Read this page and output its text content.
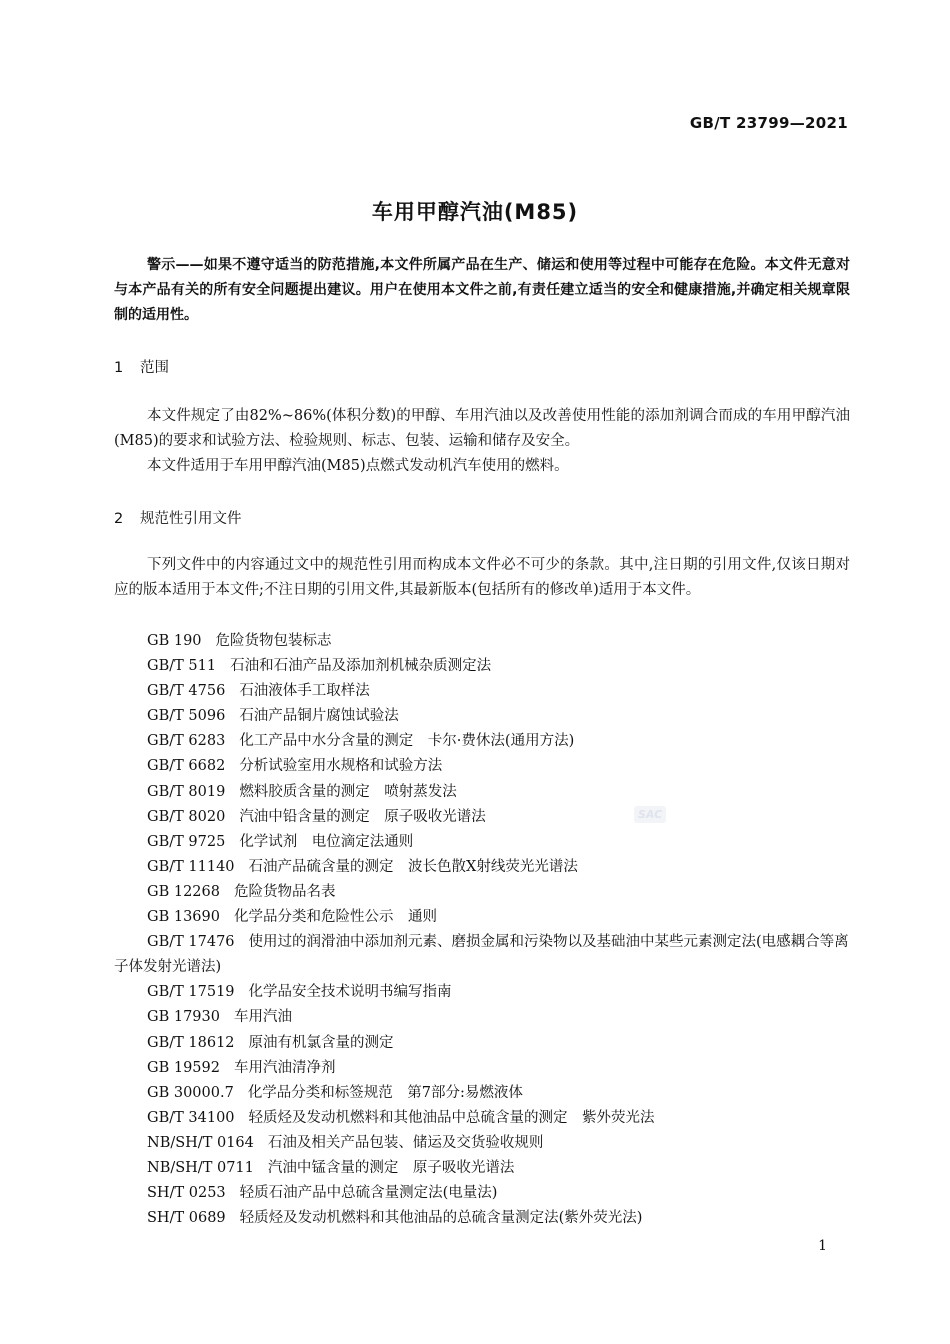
GB/T 23799—2021
车用甲醇汽油(M85)

警示——如果不遵守适当的防范措施,本文件所属产品在生产、储运和使用等过程中可能存在危险。本文件无意对与本产品有关的所有安全问题提出建议。用户在使用本文件之前,有责任建立适当的安全和健康措施,并确定相关规章限制的适用性。

1 范围

本文件规定了由82%~86%(体积分数)的甲醇、车用汽油以及改善使用性能的添加剂调合而成的车用甲醇汽油(M85)的要求和试验方法、检验规则、标志、包装、运输和储存及安全。

本文件适用于车用甲醇汽油(M85)点燃式发动机汽车使用的燃料。

2 规范性引用文件

下列文件中的内容通过文中的规范性引用而构成本文件必不可少的条款。其中,注日期的引用文件,仅该日期对应的版本适用于本文件;不注日期的引用文件,其最新版本(包括所有的修改单)适用于本文件。

GB 190 危险货物包装标志
GB/T 511 石油和石油产品及添加剂机械杂质测定法
GB/T 4756 石油液体手工取样法
GB/T 5096 石油产品铜片腐蚀试验法
GB/T 6283 化工产品中水分含量的测定　卡尔·费休法(通用方法)
GB/T 6682 分析试验室用水规格和试验方法
GB/T 8019 燃料胶质含量的测定　喷射蒸发法
GB/T 8020 汽油中铅含量的测定　原子吸收光谱法
GB/T 9725 化学试剂　电位滴定法通则
GB/T 11140 石油产品硫含量的测定　波长色散X射线荧光光谱法
GB 12268 危险货物品名表
GB 13690 化学品分类和危险性公示　通则
GB/T 17476 使用过的润滑油中添加剂元素、磨损金属和污染物以及基础油中某些元素测定法(电感耦合等离子体发射光谱法)
GB/T 17519 化学品安全技术说明书编写指南
GB 17930 车用汽油
GB/T 18612 原油有机氯含量的测定
GB 19592 车用汽油清净剂
GB 30000.7 化学品分类和标签规范　第7部分:易燃液体
GB/T 34100 轻质烃及发动机燃料和其他油品中总硫含量的测定　紫外荧光法
NB/SH/T 0164 石油及相关产品包装、储运及交货验收规则
NB/SH/T 0711 汽油中锰含量的测定　原子吸收光谱法
SH/T 0253 轻质石油产品中总硫含量测定法(电量法)
SH/T 0689 轻质烃及发动机燃料和其他油品的总硫含量测定法(紫外荧光法)
SAC
1
